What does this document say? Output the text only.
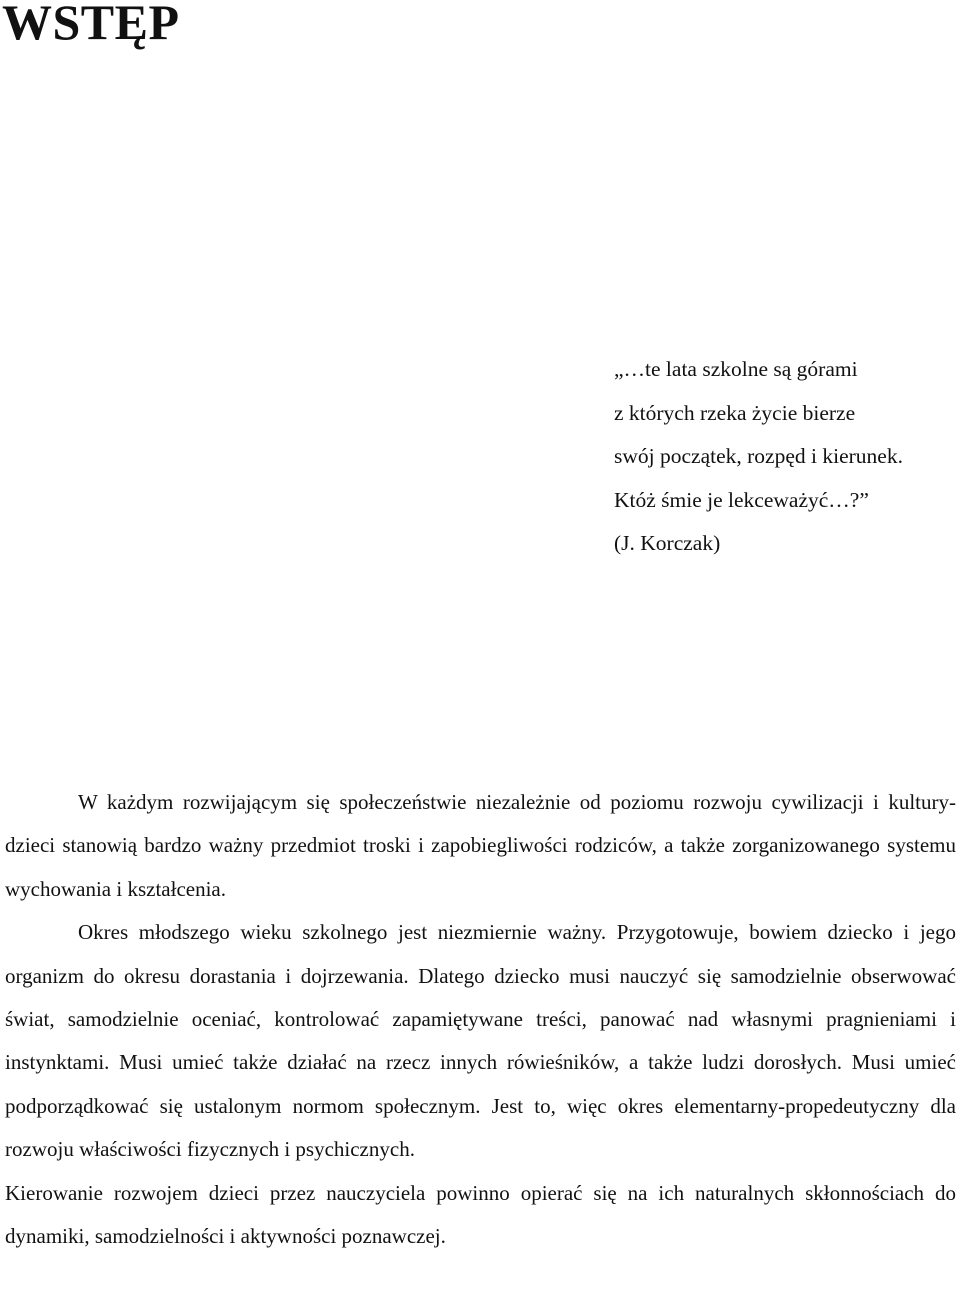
WSTĘP
„…te lata szkolne są górami
z których rzeka życie bierze
swój początek, rozpęd i kierunek.
Któż śmie je lekceważyć…?”
(J. Korczak)

W każdym rozwijającym się społeczeństwie niezależnie od poziomu rozwoju cywilizacji i kultury- dzieci stanowią bardzo ważny przedmiot troski i zapobiegliwości rodziców, a także zorganizowanego systemu wychowania i kształcenia.

Okres młodszego wieku szkolnego jest niezmiernie ważny. Przygotowuje, bowiem dziecko i jego organizm do okresu dorastania i dojrzewania. Dlatego dziecko musi nauczyć się samodzielnie obserwować świat, samodzielnie oceniać, kontrolować zapamiętywane treści, panować nad własnymi pragnieniami i instynktami. Musi umieć także działać na rzecz innych rówieśników, a także ludzi dorosłych. Musi umieć podporządkować się ustalonym normom społecznym. Jest to, więc okres elementarny-propedeutyczny dla rozwoju właściwości fizycznych i psychicznych.

Kierowanie rozwojem dzieci przez nauczyciela powinno opierać się na ich naturalnych skłonnościach do dynamiki, samodzielności i aktywności poznawczej.
